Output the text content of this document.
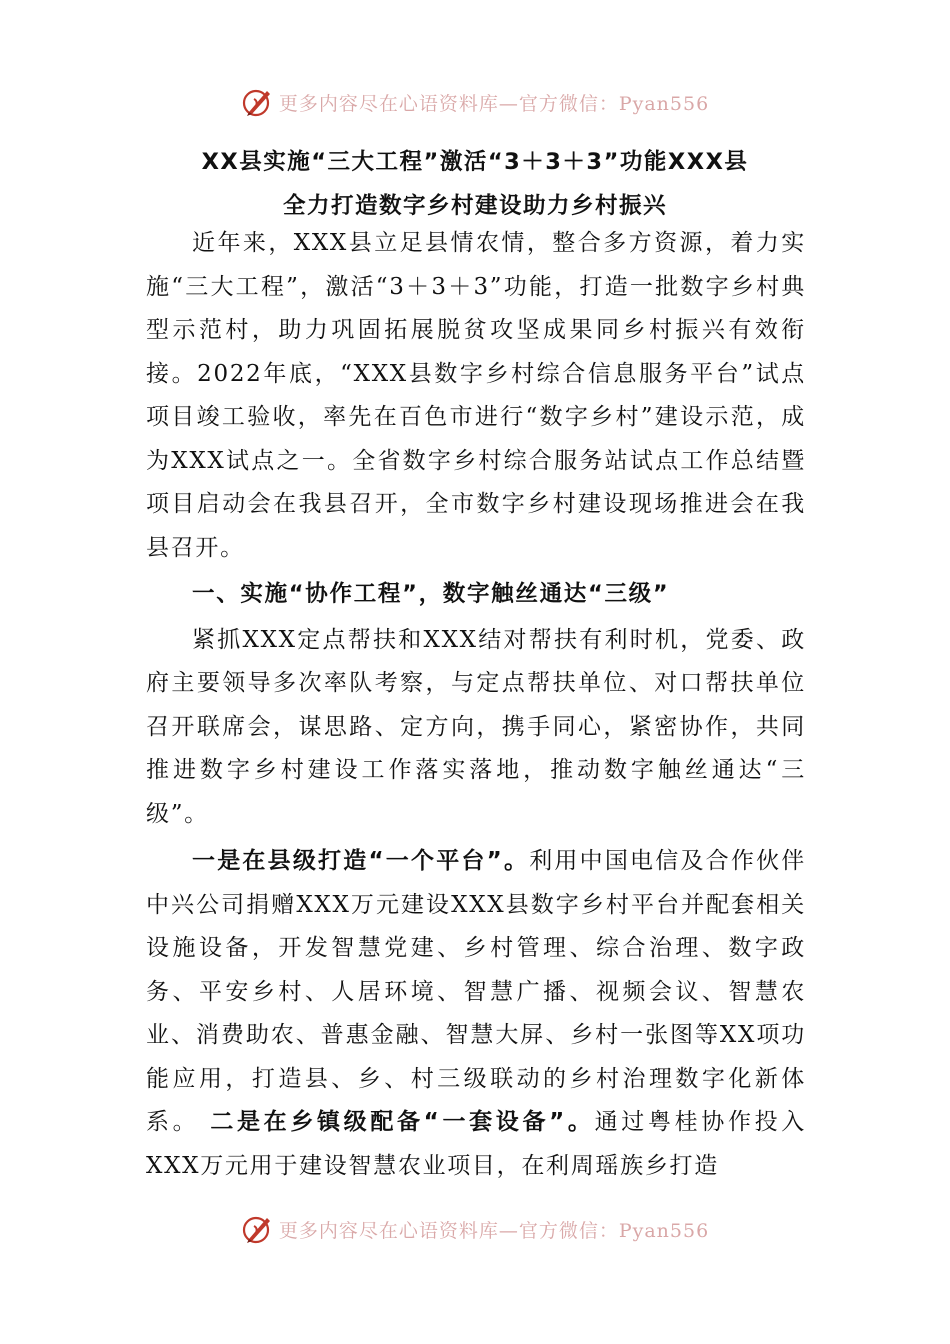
更多内容尽在心语资料库—官方微信：Pyan556
XX县实施“三大工程”激活“3＋3＋3”功能XXX县
全力打造数字乡村建设助力乡村振兴

近年来，XXX县立足县情农情，整合多方资源，着力实施“三大工程”，激活“3＋3＋3”功能，打造一批数字乡村典型示范村，助力巩固拓展脱贫攻坚成果同乡村振兴有效衔接。2022年底，“XXX县数字乡村综合信息服务平台”试点项目竣工验收，率先在百色市进行“数字乡村”建设示范，成为XXX试点之一。全省数字乡村综合服务站试点工作总结暨项目启动会在我县召开，全市数字乡村建设现场推进会在我县召开。

一、实施“协作工程”，数字触丝通达“三级”

紧抓XXX定点帮扶和XXX结对帮扶有利时机，党委、政府主要领导多次率队考察，与定点帮扶单位、对口帮扶单位召开联席会，谋思路、定方向，携手同心，紧密协作，共同推进数字乡村建设工作落实落地，推动数字触丝通达“三级”。

一是在县级打造“一个平台”。利用中国电信及合作伙伴中兴公司捐赠XXX万元建设XXX县数字乡村平台并配套相关设施设备，开发智慧党建、乡村管理、综合治理、数字政务、平安乡村、人居环境、智慧广播、视频会议、智慧农业、消费助农、普惠金融、智慧大屏、乡村一张图等XX项功能应用，打造县、乡、村三级联动的乡村治理数字化新体系。 二是在乡镇级配备“一套设备”。通过粤桂协作投入XXX万元用于建设智慧农业项目，在利周瑶族乡打造

更多内容尽在心语资料库—官方微信：Pyan556
